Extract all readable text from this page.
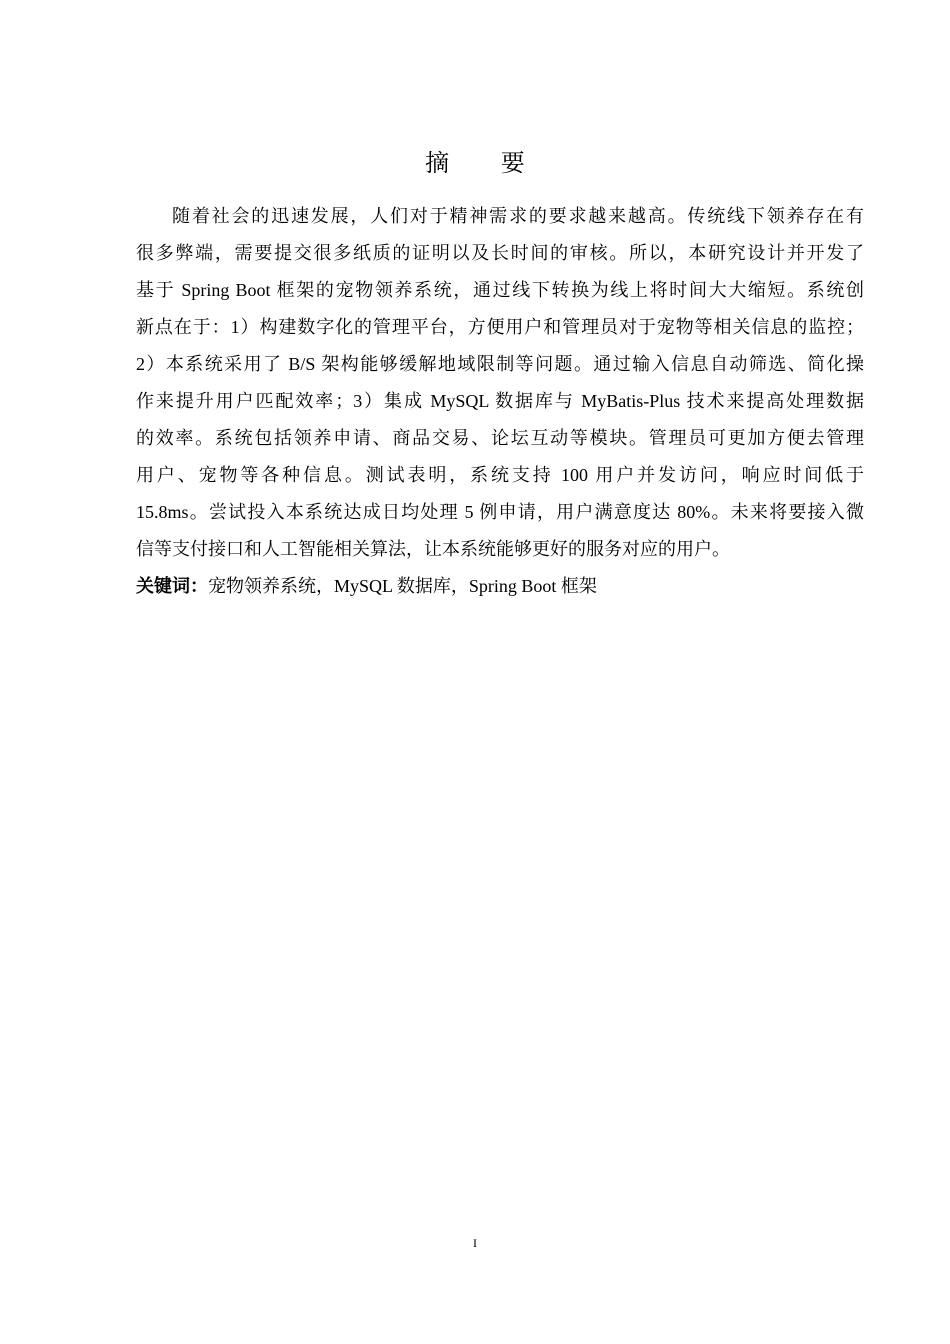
摘 要
随着社会的迅速发展，人们对于精神需求的要求越来越高。传统线下领养存在有
很多弊端，需要提交很多纸质的证明以及长时间的审核。所以，本研究设计并开发了
基于 Spring Boot 框架的宠物领养系统，通过线下转换为线上将时间大大缩短。系统创
新点在于：1）构建数字化的管理平台，方便用户和管理员对于宠物等相关信息的监控；
2）本系统采用了 B/S 架构能够缓解地域限制等问题。通过输入信息自动筛选、简化操
作来提升用户匹配效率；3）集成 MySQL 数据库与 MyBatis-Plus 技术来提高处理数据
的效率。系统包括领养申请、商品交易、论坛互动等模块。管理员可更加方便去管理
用户、宠物等各种信息。测试表明，系统支持 100 用户并发访问，响应时间低于
15.8ms。尝试投入本系统达成日均处理 5 例申请，用户满意度达 80%。未来将要接入微
信等支付接口和人工智能相关算法，让本系统能够更好的服务对应的用户。
关键词：宠物领养系统，MySQL 数据库，Spring Boot 框架
I
